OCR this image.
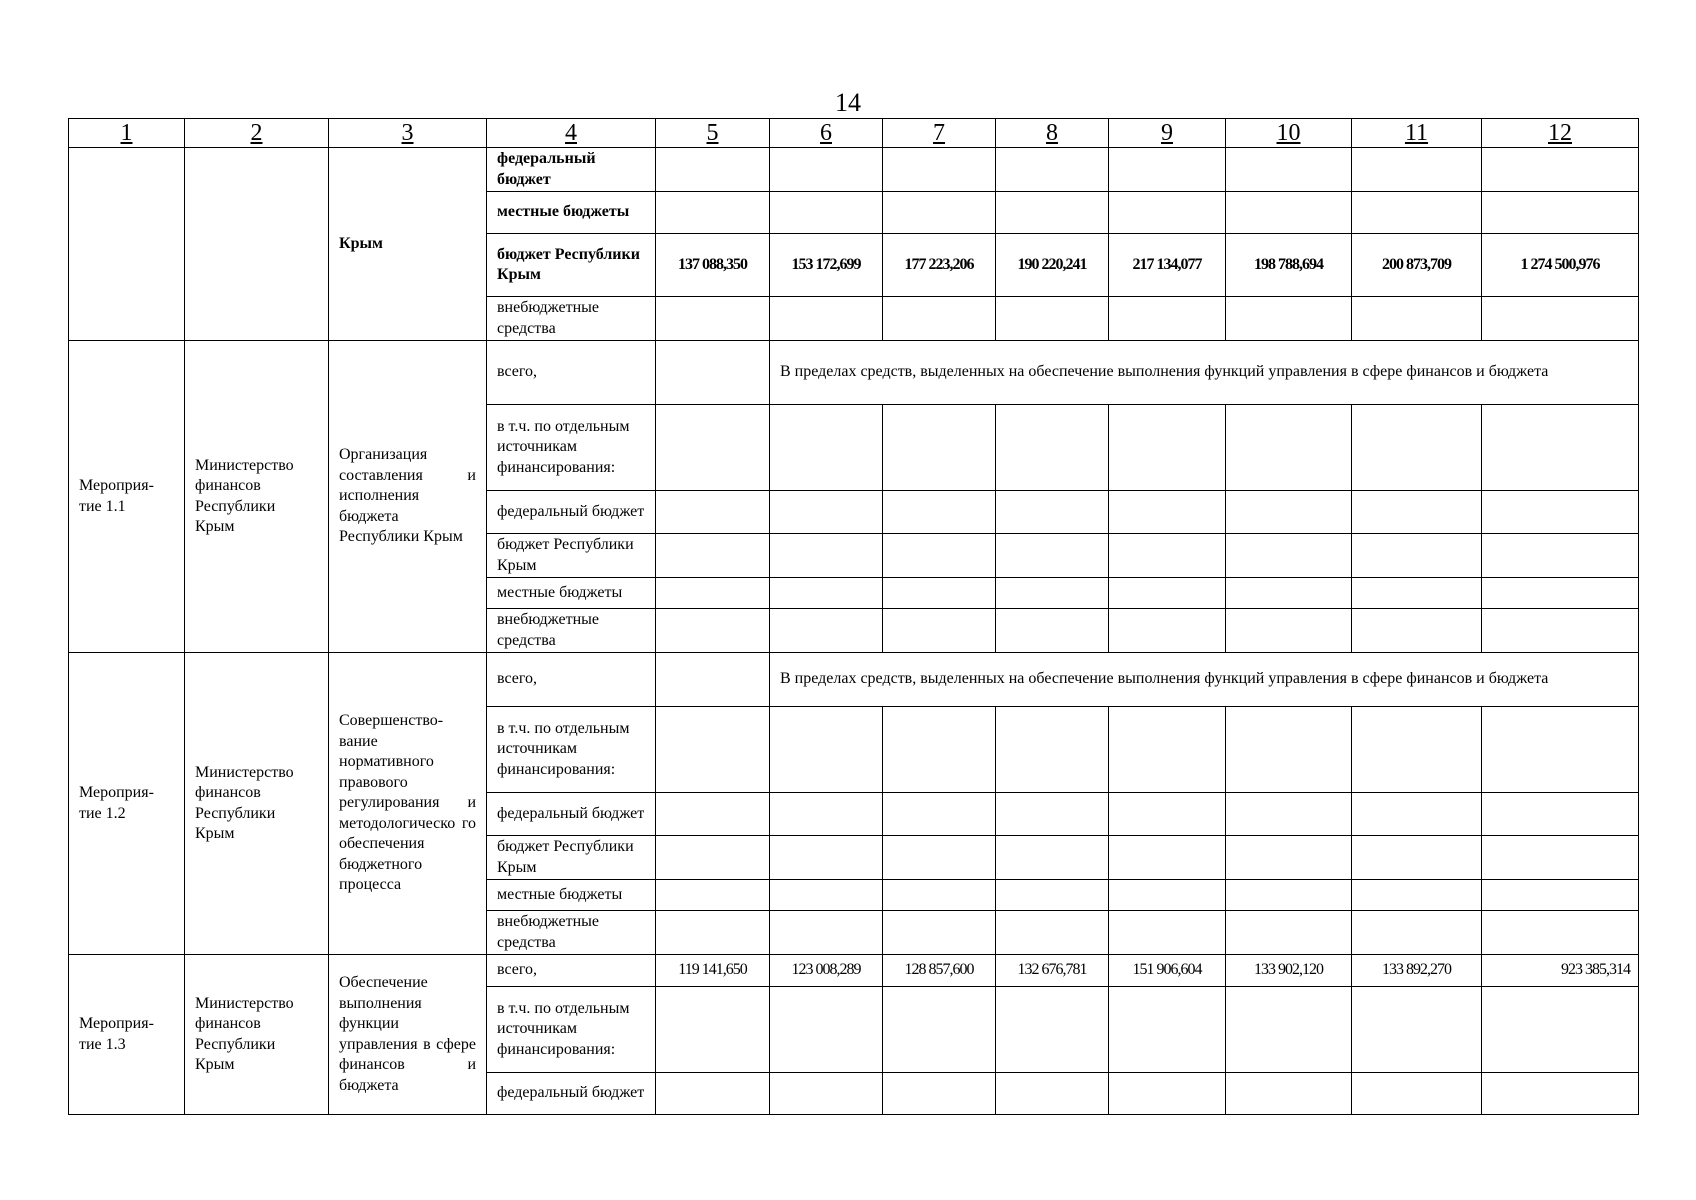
14
1	2	3	4	5	6	7	8	9	10	11	12
		Крым	федеральный бюджет								
			местные бюджеты								
			бюджет Республики Крым	137 088,350	153 172,699	177 223,206	190 220,241	217 134,077	198 788,694	200 873,709	1 274 500,976
			внебюджетные средства								
Мероприя-тие 1.1	Министерство финансов Республики Крым	Организация составления и исполнения бюджета Республики Крым	всего,		В пределах средств, выделенных на обеспечение выполнения функций управления в сфере финансов и бюджета						
			в т.ч. по отдельным источникам финансирования:								
			федеральный бюджет								
			бюджет Республики Крым								
			местные бюджеты								
			внебюджетные средства								
Мероприя-тие 1.2	Министерство финансов Республики Крым	Совершенство-вание нормативного правового регулирования и методологическо го обеспечения бюджетного процесса	всего,		В пределах средств, выделенных на обеспечение выполнения функций управления в сфере финансов и бюджета						
			в т.ч. по отдельным источникам финансирования:								
			федеральный бюджет								
			бюджет Республики Крым								
			местные бюджеты								
			внебюджетные средства								
Мероприя-тие 1.3	Министерство финансов Республики Крым	Обеспечение выполнения функции управления в сфере финансов и бюджета	всего,	119 141,650	123 008,289	128 857,600	132 676,781	151 906,604	133 902,120	133 892,270	923 385,314
			в т.ч. по отдельным источникам финансирования:								
			федеральный бюджет								
